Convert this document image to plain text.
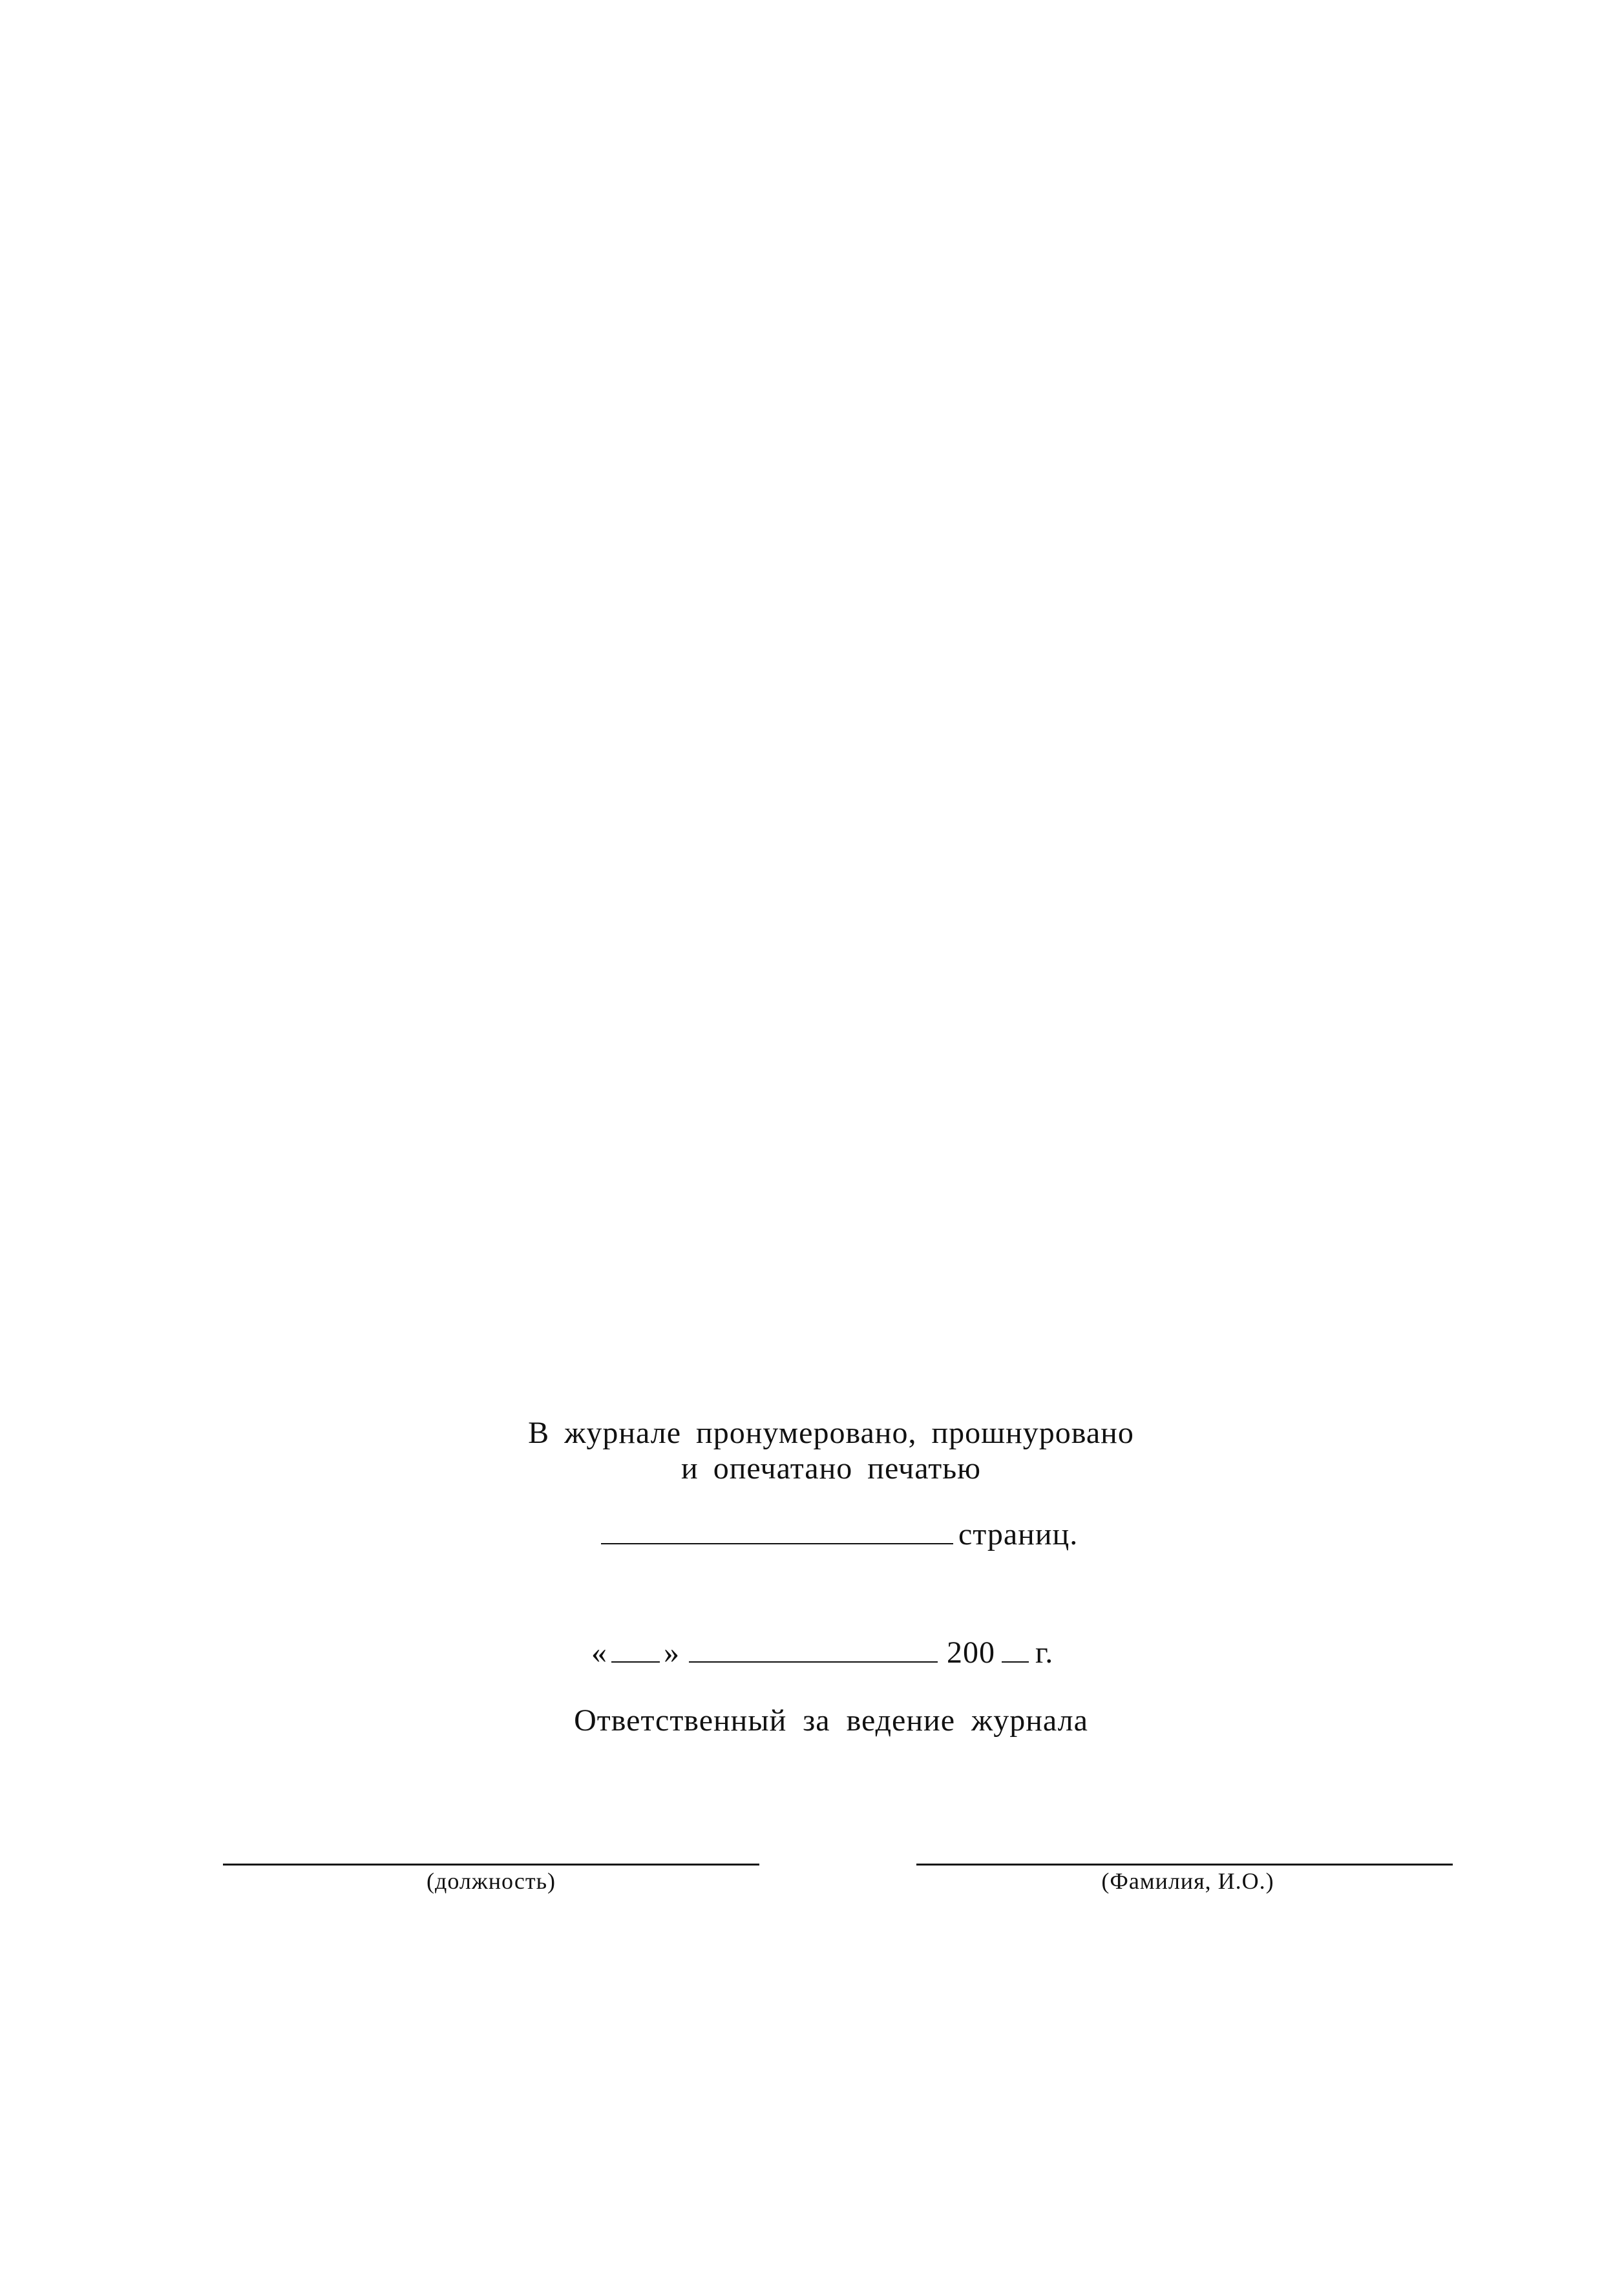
В журнале пронумеровано, прошнуровано
и опечатано печатью
страниц.
« »	200 г.
Ответственный за ведение журнала
(должность)	(Фамилия, И.О.)
